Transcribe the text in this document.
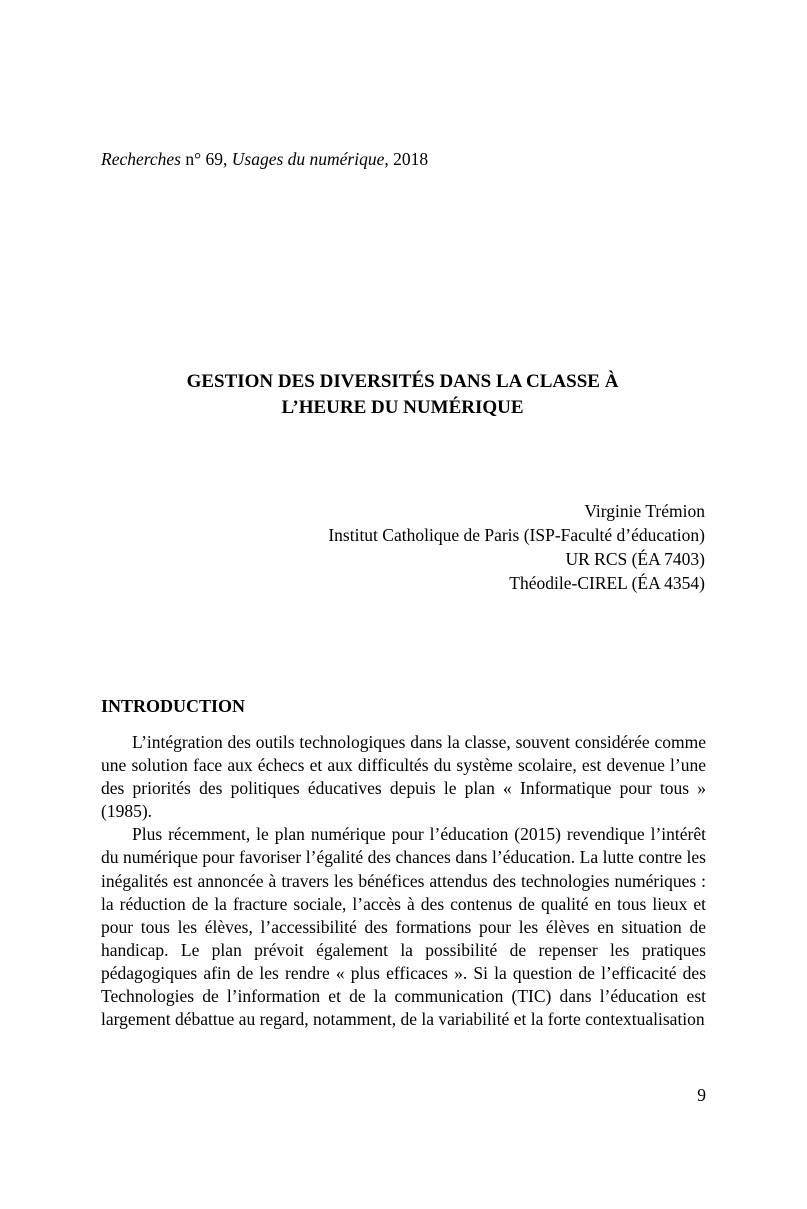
Recherches n° 69, Usages du numérique, 2018
GESTION DES DIVERSITÉS DANS LA CLASSE À
L’HEURE DU NUMÉRIQUE
Virginie Trémion
Institut Catholique de Paris (ISP-Faculté d’éducation)
UR RCS (ÉA 7403)
Théodile-CIREL (ÉA 4354)
INTRODUCTION

L’intégration des outils technologiques dans la classe, souvent considérée comme une solution face aux échecs et aux difficultés du système scolaire, est devenue l’une des priorités des politiques éducatives depuis le plan « Informatique pour tous » (1985).

Plus récemment, le plan numérique pour l’éducation (2015) revendique l’intérêt du numérique pour favoriser l’égalité des chances dans l’éducation. La lutte contre les inégalités est annoncée à travers les bénéfices attendus des technologies numériques : la réduction de la fracture sociale, l’accès à des contenus de qualité en tous lieux et pour tous les élèves, l’accessibilité des formations pour les élèves en situation de handicap. Le plan prévoit également la possibilité de repenser les pratiques pédagogiques afin de les rendre « plus efficaces ». Si la question de l’efficacité des Technologies de l’information et de la communication (TIC) dans l’éducation est largement débattue au regard, notamment, de la variabilité et la forte contextualisation

9
